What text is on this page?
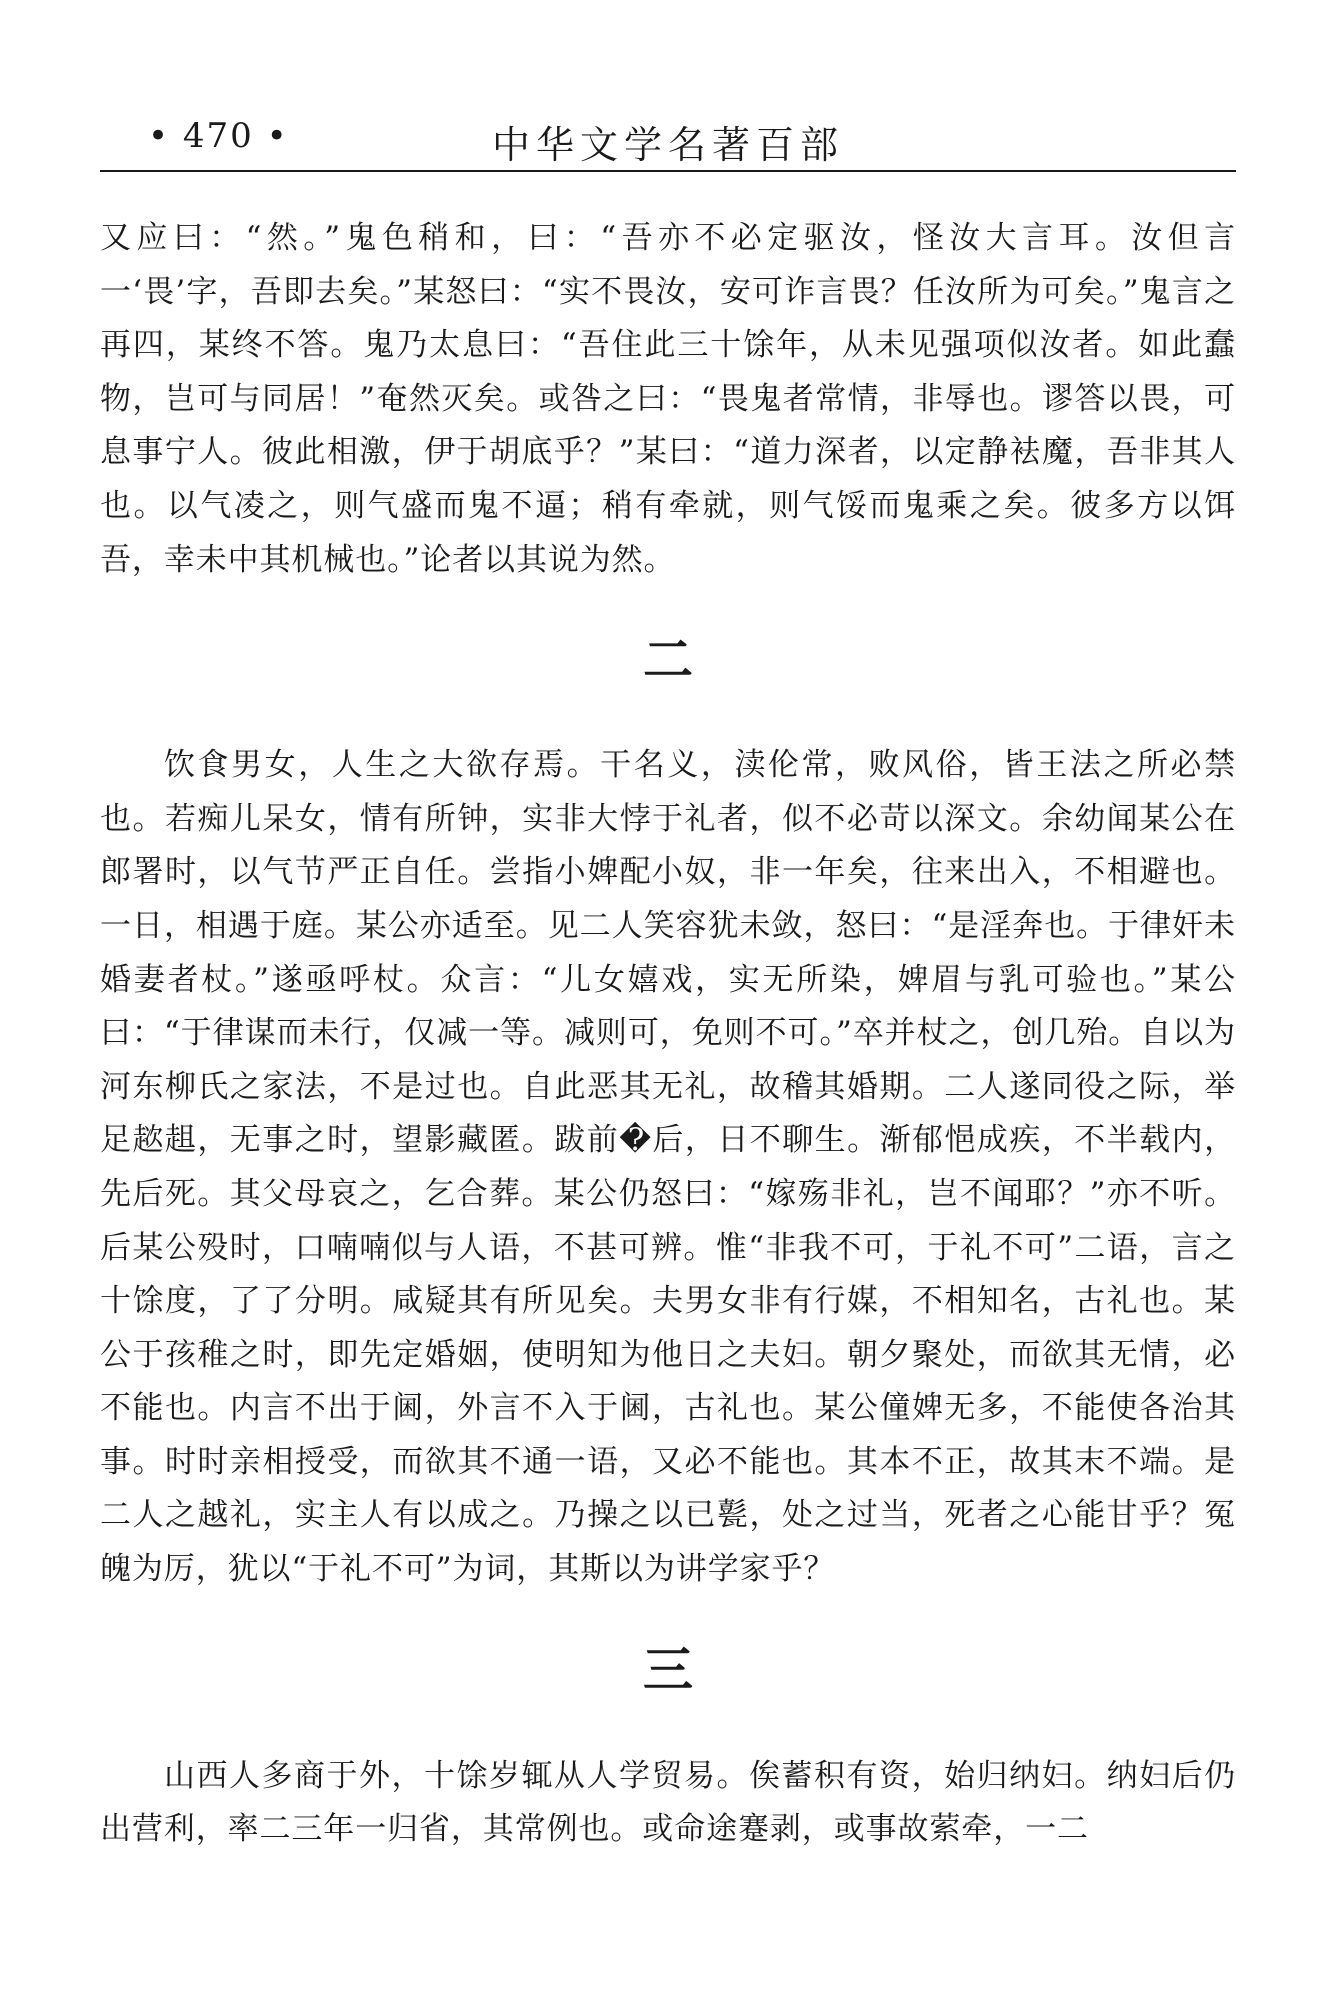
• 470 •	中华文学名著百部

又应曰：“然。”鬼色稍和，曰：“吾亦不必定驱汝，怪汝大言耳。汝但言一‘畏’字，吾即去矣。”某怒曰：“实不畏汝，安可诈言畏？任汝所为可矣。”鬼言之再四，某终不答。鬼乃太息曰：“吾住此三十馀年，从未见强项似汝者。如此蠢物，岂可与同居！”奄然灭矣。或咎之曰：“畏鬼者常情，非辱也。谬答以畏，可息事宁人。彼此相激，伊于胡底乎？”某曰：“道力深者，以定静袪魔，吾非其人也。以气凌之，则气盛而鬼不逼；稍有牵就，则气馁而鬼乘之矣。彼多方以饵吾，幸未中其机械也。”论者以其说为然。

二

饮食男女，人生之大欲存焉。干名义，渎伦常，败风俗，皆王法之所必禁也。若痴儿呆女，情有所钟，实非大悖于礼者，似不必苛以深文。余幼闻某公在郎署时，以气节严正自任。尝指小婢配小奴，非一年矣，往来出入，不相避也。一日，相遇于庭。某公亦适至。见二人笑容犹未敛，怒曰：“是淫奔也。于律奸未婚妻者杖。”遂亟呼杖。众言：“儿女嬉戏，实无所染，婢眉与乳可验也。”某公曰：“于律谋而未行，仅减一等。减则可，免则不可。”卒并杖之，创几殆。自以为河东柳氏之家法，不是过也。自此恶其无礼，故稽其婚期。二人遂同役之际，举足趑趄，无事之时，望影藏匿。跋前�后，日不聊生。渐郁悒成疾，不半载内，先后死。其父母哀之，乞合葬。某公仍怒曰：“嫁殇非礼，岂不闻耶？”亦不听。后某公殁时，口喃喃似与人语，不甚可辨。惟“非我不可，于礼不可”二语，言之十馀度，了了分明。咸疑其有所见矣。夫男女非有行媒，不相知名，古礼也。某公于孩稚之时，即先定婚姻，使明知为他日之夫妇。朝夕聚处，而欲其无情，必不能也。内言不出于阃，外言不入于阃，古礼也。某公僮婢无多，不能使各治其事。时时亲相授受，而欲其不通一语，又必不能也。其本不正，故其末不端。是二人之越礼，实主人有以成之。乃操之以已甏，处之过当，死者之心能甘乎？冤魄为厉，犹以“于礼不可”为词，其斯以为讲学家乎？

三

山西人多商于外，十馀岁辄从人学贸易。俟蓄积有资，始归纳妇。纳妇后仍出营利，率二三年一归省，其常例也。或命途蹇剥，或事故萦牵，一二
